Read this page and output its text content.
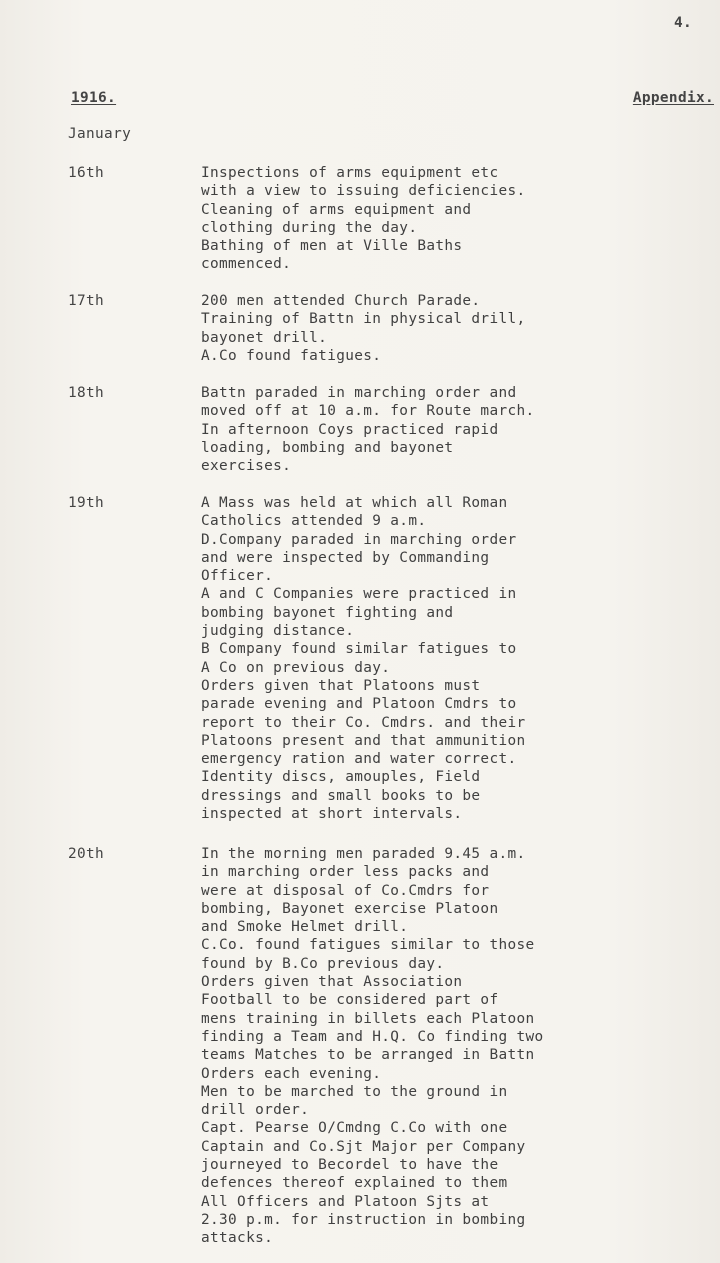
4.
1916.	Appendix.
January
16th	Inspections of arms equipment etc
with a view to issuing deficiencies.
Cleaning of arms equipment and
clothing during the day.
Bathing of men at Ville Baths
commenced.
17th	200 men attended Church Parade.
Training of Battn in physical drill,
bayonet drill.
A.Co found fatigues.
18th	Battn paraded in marching order and
moved off at 10 a.m. for Route march.
In afternoon Coys practiced rapid
loading, bombing and bayonet
exercises.
19th	A Mass was held at which all Roman
Catholics attended 9 a.m.
D.Company paraded in marching order
and were inspected by Commanding
Officer.
A and C Companies were practiced in
bombing bayonet fighting and
judging distance.
B Company found similar fatigues to
A Co on previous day.
Orders given that Platoons must
parade evening and Platoon Cmdrs to
report to their Co. Cmdrs. and their
Platoons present and that ammunition
emergency ration and water correct.
Identity discs, amouples, Field
dressings and small books to be
inspected at short intervals.
20th	In the morning men paraded 9.45 a.m.
in marching order less packs and
were at disposal of Co.Cmdrs for
bombing, Bayonet exercise Platoon
and Smoke Helmet drill.
C.Co. found fatigues similar to those
found by B.Co previous day.
Orders given that Association
Football to be considered part of
mens training in billets each Platoon
finding a Team and H.Q. Co finding two
teams Matches to be arranged in Battn
Orders each evening.
Men to be marched to the ground in
drill order.
Capt. Pearse O/Cmdng C.Co with one
Captain and Co.Sjt Major per Company
journeyed to Becordel to have the
defences thereof explained to them
All Officers and Platoon Sjts at
2.30 p.m. for instruction in bombing
attacks.
